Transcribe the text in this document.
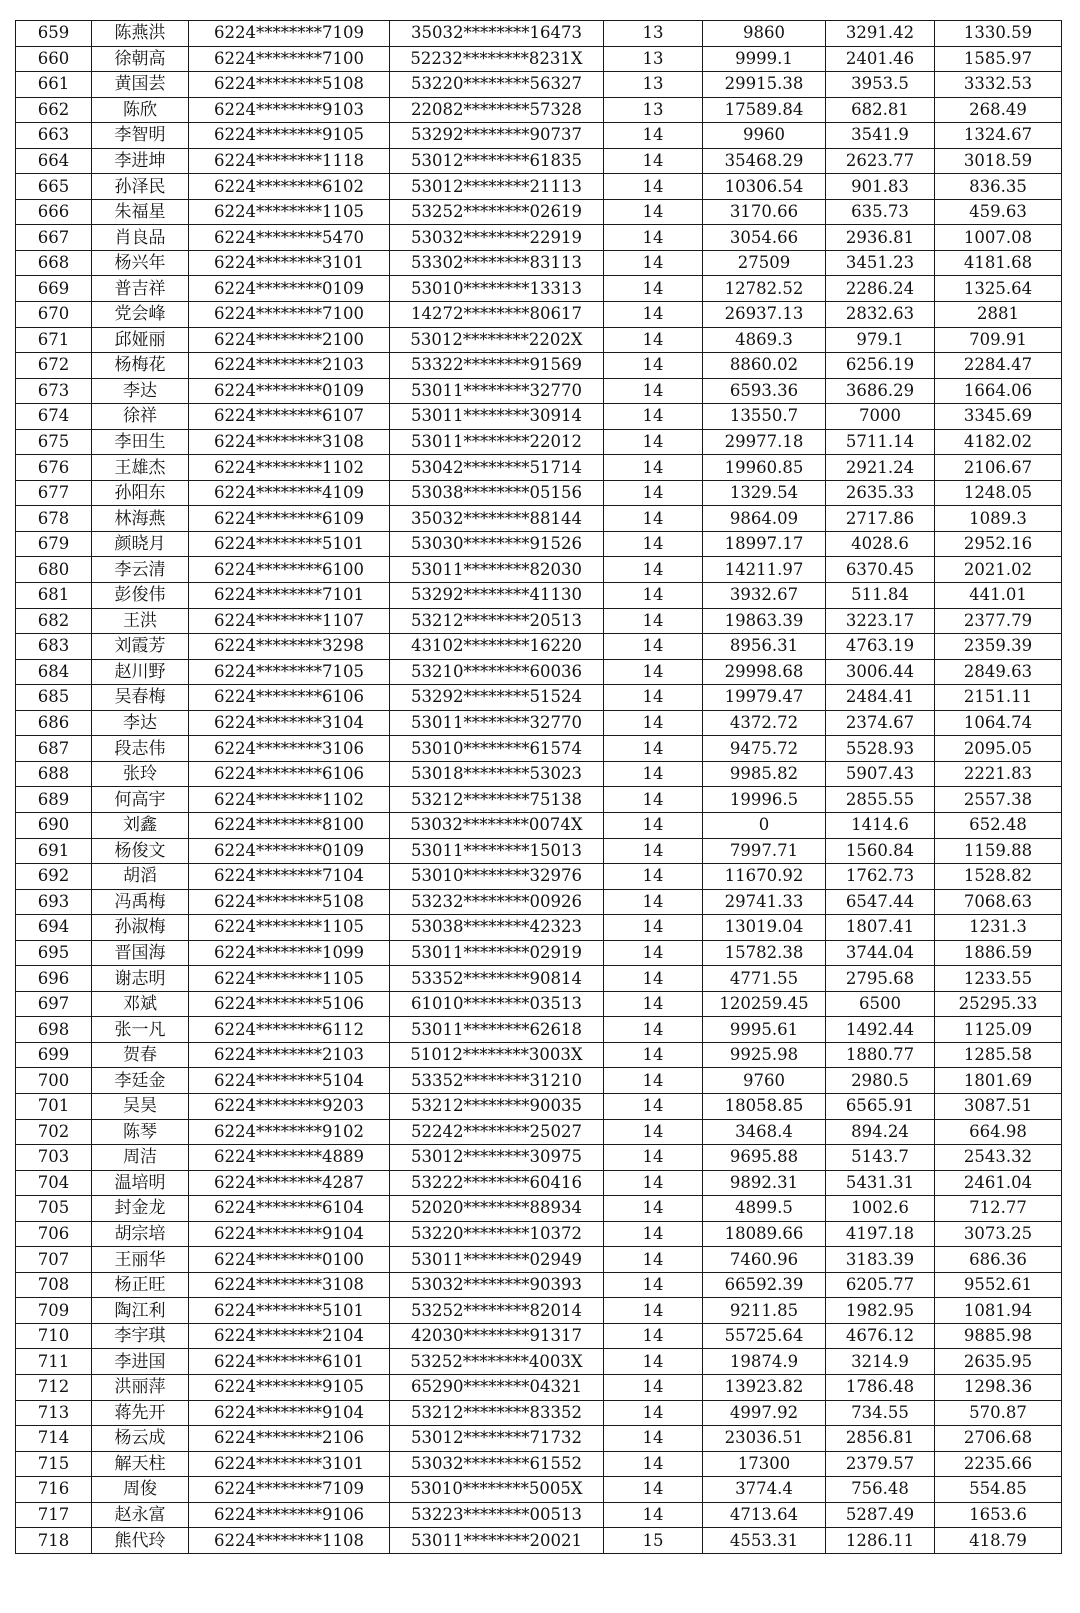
659	陈燕洪	6224********7109	35032********16473	13	9860	3291.42	1330.59
660	徐朝高	6224********7100	52232********8231X	13	9999.1	2401.46	1585.97
661	黄国芸	6224********5108	53220********56327	13	29915.38	3953.5	3332.53
662	陈欣	6224********9103	22082********57328	13	17589.84	682.81	268.49
663	李智明	6224********9105	53292********90737	14	9960	3541.9	1324.67
664	李进坤	6224********1118	53012********61835	14	35468.29	2623.77	3018.59
665	孙泽民	6224********6102	53012********21113	14	10306.54	901.83	836.35
666	朱福星	6224********1105	53252********02619	14	3170.66	635.73	459.63
667	肖良品	6224********5470	53032********22919	14	3054.66	2936.81	1007.08
668	杨兴年	6224********3101	53302********83113	14	27509	3451.23	4181.68
669	普吉祥	6224********0109	53010********13313	14	12782.52	2286.24	1325.64
670	党会峰	6224********7100	14272********80617	14	26937.13	2832.63	2881
671	邱娅丽	6224********2100	53012********2202X	14	4869.3	979.1	709.91
672	杨梅花	6224********2103	53322********91569	14	8860.02	6256.19	2284.47
673	李达	6224********0109	53011********32770	14	6593.36	3686.29	1664.06
674	徐祥	6224********6107	53011********30914	14	13550.7	7000	3345.69
675	李田生	6224********3108	53011********22012	14	29977.18	5711.14	4182.02
676	王雄杰	6224********1102	53042********51714	14	19960.85	2921.24	2106.67
677	孙阳东	6224********4109	53038********05156	14	1329.54	2635.33	1248.05
678	林海燕	6224********6109	35032********88144	14	9864.09	2717.86	1089.3
679	颜晓月	6224********5101	53030********91526	14	18997.17	4028.6	2952.16
680	李云清	6224********6100	53011********82030	14	14211.97	6370.45	2021.02
681	彭俊伟	6224********7101	53292********41130	14	3932.67	511.84	441.01
682	王洪	6224********1107	53212********20513	14	19863.39	3223.17	2377.79
683	刘霞芳	6224********3298	43102********16220	14	8956.31	4763.19	2359.39
684	赵川野	6224********7105	53210********60036	14	29998.68	3006.44	2849.63
685	吴春梅	6224********6106	53292********51524	14	19979.47	2484.41	2151.11
686	李达	6224********3104	53011********32770	14	4372.72	2374.67	1064.74
687	段志伟	6224********3106	53010********61574	14	9475.72	5528.93	2095.05
688	张玲	6224********6106	53018********53023	14	9985.82	5907.43	2221.83
689	何高宇	6224********1102	53212********75138	14	19996.5	2855.55	2557.38
690	刘鑫	6224********8100	53032********0074X	14	0	1414.6	652.48
691	杨俊文	6224********0109	53011********15013	14	7997.71	1560.84	1159.88
692	胡滔	6224********7104	53010********32976	14	11670.92	1762.73	1528.82
693	冯禹梅	6224********5108	53232********00926	14	29741.33	6547.44	7068.63
694	孙淑梅	6224********1105	53038********42323	14	13019.04	1807.41	1231.3
695	晋国海	6224********1099	53011********02919	14	15782.38	3744.04	1886.59
696	谢志明	6224********1105	53352********90814	14	4771.55	2795.68	1233.55
697	邓斌	6224********5106	61010********03513	14	120259.45	6500	25295.33
698	张一凡	6224********6112	53011********62618	14	9995.61	1492.44	1125.09
699	贺春	6224********2103	51012********3003X	14	9925.98	1880.77	1285.58
700	李廷金	6224********5104	53352********31210	14	9760	2980.5	1801.69
701	吴昊	6224********9203	53212********90035	14	18058.85	6565.91	3087.51
702	陈琴	6224********9102	52242********25027	14	3468.4	894.24	664.98
703	周洁	6224********4889	53012********30975	14	9695.88	5143.7	2543.32
704	温培明	6224********4287	53222********60416	14	9892.31	5431.31	2461.04
705	封金龙	6224********6104	52020********88934	14	4899.5	1002.6	712.77
706	胡宗培	6224********9104	53220********10372	14	18089.66	4197.18	3073.25
707	王丽华	6224********0100	53011********02949	14	7460.96	3183.39	686.36
708	杨正旺	6224********3108	53032********90393	14	66592.39	6205.77	9552.61
709	陶江利	6224********5101	53252********82014	14	9211.85	1982.95	1081.94
710	李宇琪	6224********2104	42030********91317	14	55725.64	4676.12	9885.98
711	李进国	6224********6101	53252********4003X	14	19874.9	3214.9	2635.95
712	洪丽萍	6224********9105	65290********04321	14	13923.82	1786.48	1298.36
713	蒋先开	6224********9104	53212********83352	14	4997.92	734.55	570.87
714	杨云成	6224********2106	53012********71732	14	23036.51	2856.81	2706.68
715	解天柱	6224********3101	53032********61552	14	17300	2379.57	2235.66
716	周俊	6224********7109	53010********5005X	14	3774.4	756.48	554.85
717	赵永富	6224********9106	53223********00513	14	4713.64	5287.49	1653.6
718	熊代玲	6224********1108	53011********20021	15	4553.31	1286.11	418.79
